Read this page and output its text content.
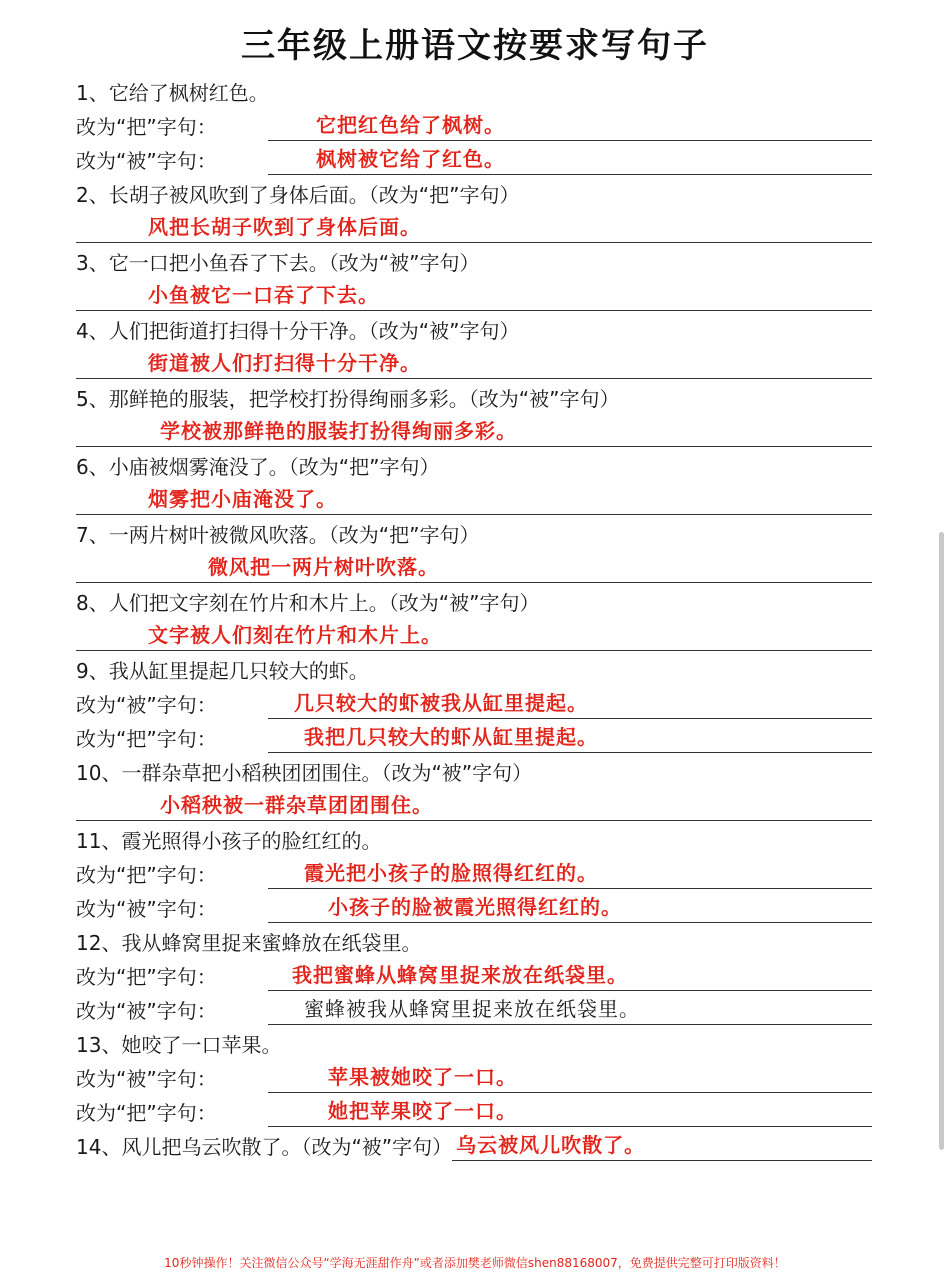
三年级上册语文按要求写句子
1、它给了枫树红色。
改为“把”字句：	它把红色给了枫树。
改为“被”字句：	枫树被它给了红色。
2、长胡子被风吹到了身体后面。（改为“把”字句）
风把长胡子吹到了身体后面。
3、它一口把小鱼吞了下去。（改为“被”字句）
小鱼被它一口吞了下去。
4、人们把街道打扫得十分干净。（改为“被”字句）
街道被人们打扫得十分干净。
5、那鲜艳的服装，把学校打扮得绚丽多彩。（改为“被”字句）
学校被那鲜艳的服装打扮得绚丽多彩。
6、小庙被烟雾淹没了。（改为“把”字句）
烟雾把小庙淹没了。
7、一两片树叶被微风吹落。（改为“把”字句）
微风把一两片树叶吹落。
8、人们把文字刻在竹片和木片上。（改为“被”字句）
文字被人们刻在竹片和木片上。
9、我从缸里提起几只较大的虾。
改为“被”字句：	几只较大的虾被我从缸里提起。
改为“把”字句：	我把几只较大的虾从缸里提起。
10、一群杂草把小稻秧团团围住。（改为“被”字句）
小稻秧被一群杂草团团围住。
11、霞光照得小孩子的脸红红的。
改为“把”字句：	霞光把小孩子的脸照得红红的。
改为“被”字句：	小孩子的脸被霞光照得红红的。
12、我从蜂窝里捉来蜜蜂放在纸袋里。
改为“把”字句：	我把蜜蜂从蜂窝里捉来放在纸袋里。
改为“被”字句：	蜜蜂被我从蜂窝里捉来放在纸袋里。
13、她咬了一口苹果。
改为“被”字句：	苹果被她咬了一口。
改为“把”字句：	她把苹果咬了一口。
14、风儿把乌云吹散了。（改为“被”字句） 乌云被风儿吹散了。
10秒钟操作！关注微信公众号“学海无涯甜作舟”或者添加樊老师微信shen88168007，免费提供完整可打印版资料！
